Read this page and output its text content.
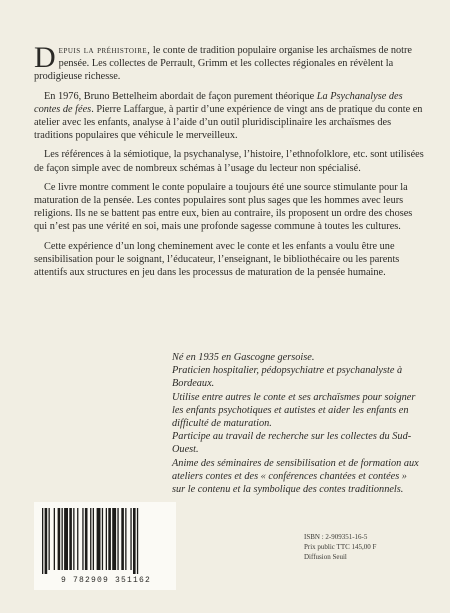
Depuis la préhistoire, le conte de tradition populaire organise les archaïsmes de notre pensée. Les collectes de Perrault, Grimm et les collectes régionales en révèlent la prodigieuse richesse.

En 1976, Bruno Bettelheim abordait de façon purement théorique La Psychanalyse des contes de fées. Pierre Laffargue, à partir d’une expérience de vingt ans de pratique du conte en atelier avec les enfants, analyse à l’aide d’un outil pluridisciplinaire les archaïsmes des traditions populaires que véhicule le merveilleux.

Les références à la sémiotique, la psychanalyse, l’histoire, l’ethnofolklore, etc. sont utilisées de façon simple avec de nombreux schémas à l’usage du lecteur non spécialisé.

Ce livre montre comment le conte populaire a toujours été une source stimulante pour la maturation de la pensée. Les contes populaires sont plus sages que les hommes avec leurs religions. Ils ne se battent pas entre eux, bien au contraire, ils proposent un ordre des choses qui n’est pas une vérité en soi, mais une profonde sagesse commune à toutes les cultures.

Cette expérience d’un long cheminement avec le conte et les enfants a voulu être une sensibilisation pour le soignant, l’éducateur, l’enseignant, le bibliothécaire ou les parents attentifs aux structures en jeu dans les processus de maturation de la pensée humaine.

Né en 1935 en Gascogne gersoise.

Praticien hospitalier, pédopsychiatre et psychanalyste à Bordeaux.

Utilise entre autres le conte et ses archaïsmes pour soigner les enfants psychotiques et autistes et aider les enfants en difficulté de maturation.

Participe au travail de recherche sur les collectes du Sud-Ouest.

Anime des séminaires de sensibilisation et de formation aux ateliers contes et des « conférences chantées et contées » sur le contenu et la symbolique des contes traditionnels.

9 782909 351162
ISBN : 2-909351-16-5
Prix public TTC 145,00 F
Diffusion Seuil
